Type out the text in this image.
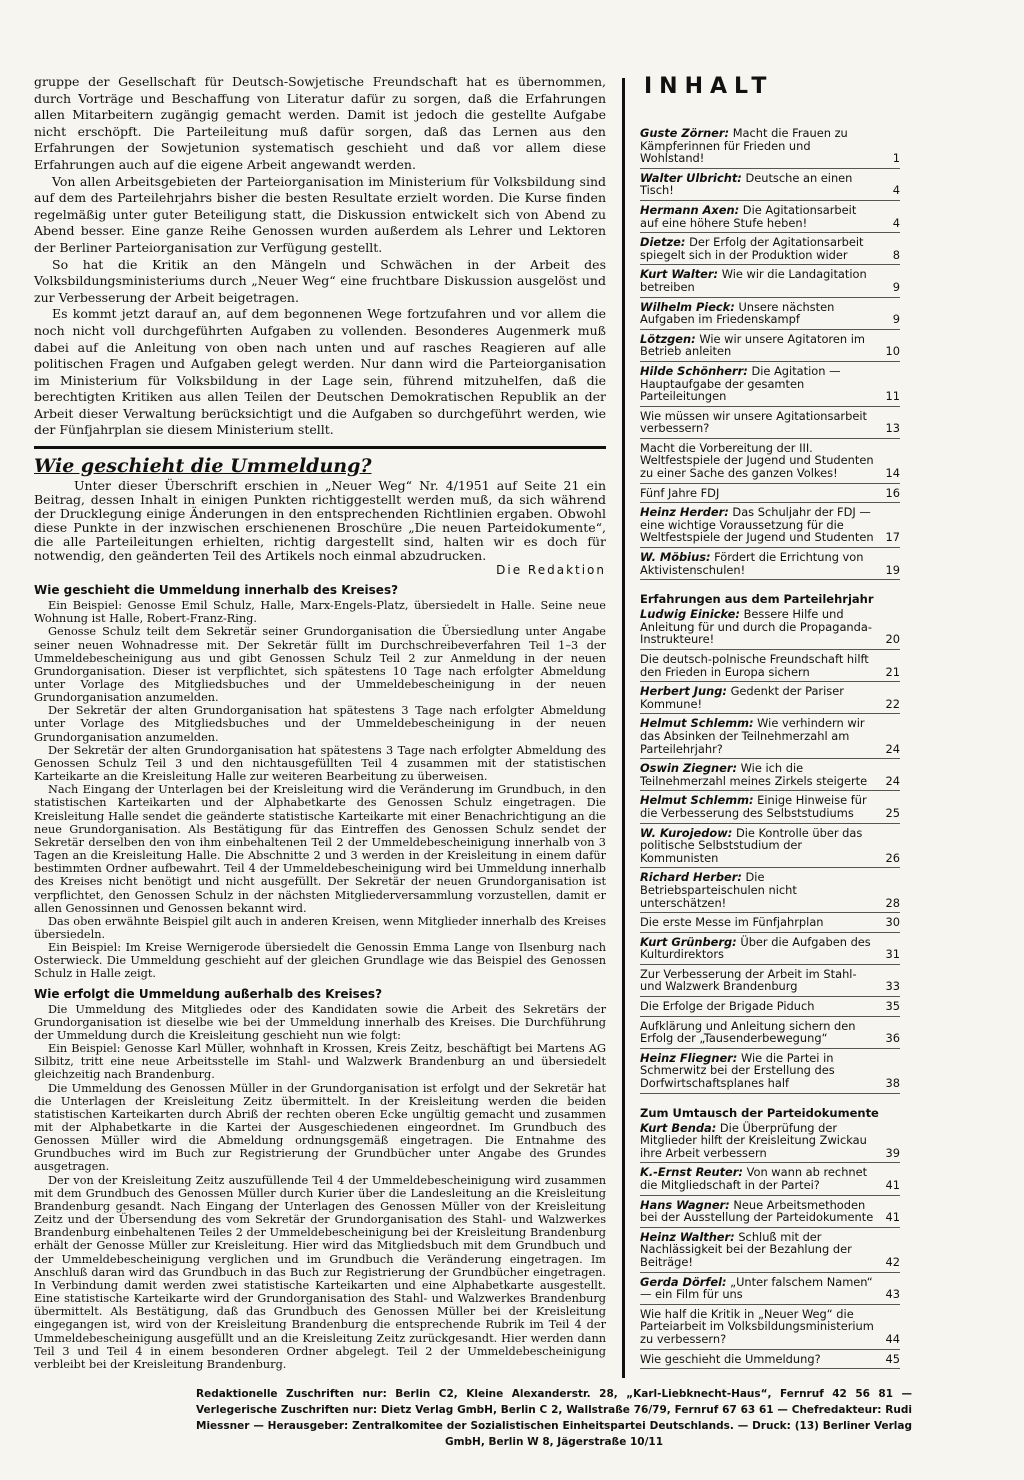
gruppe der Gesellschaft für Deutsch-Sowjetische Freundschaft hat es übernommen, durch Vorträge und Beschaffung von Literatur dafür zu sorgen, daß die Erfahrungen allen Mitarbeitern zugängig gemacht werden. Damit ist jedoch die gestellte Aufgabe nicht erschöpft. Die Parteileitung muß dafür sorgen, daß das Lernen aus den Erfahrungen der Sowjetunion systematisch geschieht und daß vor allem diese Erfahrungen auch auf die eigene Arbeit angewandt werden.

Von allen Arbeitsgebieten der Parteiorganisation im Ministerium für Volksbildung sind auf dem des Parteilehrjahrs bisher die besten Resultate erzielt worden. Die Kurse finden regelmäßig unter guter Beteiligung statt, die Diskussion entwickelt sich von Abend zu Abend besser. Eine ganze Reihe Genossen wurden außerdem als Lehrer und Lektoren der Berliner Parteiorganisation zur Verfügung gestellt.

So hat die Kritik an den Mängeln und Schwächen in der Arbeit des Volksbildungsministeriums durch „Neuer Weg“ eine fruchtbare Diskussion ausgelöst und zur Verbesserung der Arbeit beigetragen.

Es kommt jetzt darauf an, auf dem begonnenen Wege fortzufahren und vor allem die noch nicht voll durchgeführten Aufgaben zu vollenden. Besonderes Augenmerk muß dabei auf die Anleitung von oben nach unten und auf rasches Reagieren auf alle politischen Fragen und Aufgaben gelegt werden. Nur dann wird die Parteiorganisation im Ministerium für Volksbildung in der Lage sein, führend mitzuhelfen, daß die berechtigten Kritiken aus allen Teilen der Deutschen Demokratischen Republik an der Arbeit dieser Verwaltung berücksichtigt und die Aufgaben so durchgeführt werden, wie der Fünfjahrplan sie diesem Ministerium stellt.

Wie geschieht die Ummeldung?

Unter dieser Überschrift erschien in „Neuer Weg“ Nr. 4/1951 auf Seite 21 ein Beitrag, dessen Inhalt in einigen Punkten richtiggestellt werden muß, da sich während der Drucklegung einige Änderungen in den entsprechenden Richtlinien ergaben. Obwohl diese Punkte in der inzwischen erschienenen Broschüre „Die neuen Parteidokumente“, die alle Parteileitungen erhielten, richtig dargestellt sind, halten wir es doch für notwendig, den geänderten Teil des Artikels noch einmal abzudrucken.

Die Redaktion

Wie geschieht die Ummeldung innerhalb des Kreises?

Ein Beispiel: Genosse Emil Schulz, Halle, Marx-Engels-Platz, übersiedelt in Halle. Seine neue Wohnung ist Halle, Robert-Franz-Ring.

Genosse Schulz teilt dem Sekretär seiner Grundorganisation die Übersiedlung unter Angabe seiner neuen Wohnadresse mit. Der Sekretär füllt im Durchschreibeverfahren Teil 1–3 der Ummeldebescheinigung aus und gibt Genossen Schulz Teil 2 zur Anmeldung in der neuen Grundorganisation. Dieser ist verpflichtet, sich spätestens 10 Tage nach erfolgter Abmeldung unter Vorlage des Mitgliedsbuches und der Ummeldebescheinigung in der neuen Grundorganisation anzumelden.

Der Sekretär der alten Grundorganisation hat spätestens 3 Tage nach erfolgter Abmeldung unter Vorlage des Mitgliedsbuches und der Ummeldebescheinigung in der neuen Grundorganisation anzumelden.

Der Sekretär der alten Grundorganisation hat spätestens 3 Tage nach erfolgter Abmeldung des Genossen Schulz Teil 3 und den nichtausgefüllten Teil 4 zusammen mit der statistischen Karteikarte an die Kreisleitung Halle zur weiteren Bearbeitung zu überweisen.

Nach Eingang der Unterlagen bei der Kreisleitung wird die Veränderung im Grundbuch, in den statistischen Karteikarten und der Alphabetkarte des Genossen Schulz eingetragen. Die Kreisleitung Halle sendet die geänderte statistische Karteikarte mit einer Benachrichtigung an die neue Grundorganisation. Als Bestätigung für das Eintreffen des Genossen Schulz sendet der Sekretär derselben den von ihm einbehaltenen Teil 2 der Ummeldebescheinigung innerhalb von 3 Tagen an die Kreisleitung Halle. Die Abschnitte 2 und 3 werden in der Kreisleitung in einem dafür bestimmten Ordner aufbewahrt. Teil 4 der Ummeldebescheinigung wird bei Ummeldung innerhalb des Kreises nicht benötigt und nicht ausgefüllt. Der Sekretär der neuen Grundorganisation ist verpflichtet, den Genossen Schulz in der nächsten Mitgliederversammlung vorzustellen, damit er allen Genossinnen und Genossen bekannt wird.

Das oben erwähnte Beispiel gilt auch in anderen Kreisen, wenn Mitglieder innerhalb des Kreises übersiedeln.

Ein Beispiel: Im Kreise Wernigerode übersiedelt die Genossin Emma Lange von Ilsenburg nach Osterwieck. Die Ummeldung geschieht auf der gleichen Grundlage wie das Beispiel des Genossen Schulz in Halle zeigt.

Wie erfolgt die Ummeldung außerhalb des Kreises?

Die Ummeldung des Mitgliedes oder des Kandidaten sowie die Arbeit des Sekretärs der Grundorganisation ist dieselbe wie bei der Ummeldung innerhalb des Kreises. Die Durchführung der Ummeldung durch die Kreisleitung geschieht nun wie folgt:

Ein Beispiel: Genosse Karl Müller, wohnhaft in Krossen, Kreis Zeitz, beschäftigt bei Martens AG Silbitz, tritt eine neue Arbeitsstelle im Stahl- und Walzwerk Brandenburg an und übersiedelt gleichzeitig nach Brandenburg.

Die Ummeldung des Genossen Müller in der Grundorganisation ist erfolgt und der Sekretär hat die Unterlagen der Kreisleitung Zeitz übermittelt. In der Kreisleitung werden die beiden statistischen Karteikarten durch Abriß der rechten oberen Ecke ungültig gemacht und zusammen mit der Alphabetkarte in die Kartei der Ausgeschiedenen eingeordnet. Im Grundbuch des Genossen Müller wird die Abmeldung ordnungsgemäß eingetragen. Die Entnahme des Grundbuches wird im Buch zur Registrierung der Grundbücher unter Angabe des Grundes ausgetragen.

Der von der Kreisleitung Zeitz auszufüllende Teil 4 der Ummeldebescheinigung wird zusammen mit dem Grundbuch des Genossen Müller durch Kurier über die Landesleitung an die Kreisleitung Brandenburg gesandt. Nach Eingang der Unterlagen des Genossen Müller von der Kreisleitung Zeitz und der Übersendung des vom Sekretär der Grundorganisation des Stahl- und Walzwerkes Brandenburg einbehaltenen Teiles 2 der Ummeldebescheinigung bei der Kreisleitung Brandenburg erhält der Genosse Müller zur Kreisleitung. Hier wird das Mitgliedsbuch mit dem Grundbuch und der Ummeldebescheinigung verglichen und im Grundbuch die Veränderung eingetragen. Im Anschluß daran wird das Grundbuch in das Buch zur Registrierung der Grundbücher eingetragen. In Verbindung damit werden zwei statistische Karteikarten und eine Alphabetkarte ausgestellt. Eine statistische Karteikarte wird der Grundorganisation des Stahl- und Walzwerkes Brandenburg übermittelt. Als Bestätigung, daß das Grundbuch des Genossen Müller bei der Kreisleitung eingegangen ist, wird von der Kreisleitung Brandenburg die entsprechende Rubrik im Teil 4 der Ummeldebescheinigung ausgefüllt und an die Kreisleitung Zeitz zurückgesandt. Hier werden dann Teil 3 und Teil 4 in einem besonderen Ordner abgelegt. Teil 2 der Ummeldebescheinigung verbleibt bei der Kreisleitung Brandenburg.

INHALT
Guste Zörner: Macht die Frauen zu Kämpferinnen für Frieden und Wohlstand!	1
Walter Ulbricht: Deutsche an einen Tisch!	4
Hermann Axen: Die Agitationsarbeit auf eine höhere Stufe heben!	4
Dietze: Der Erfolg der Agitationsarbeit spiegelt sich in der Produktion wider	8
Kurt Walter: Wie wir die Landagitation betreiben	9
Wilhelm Pieck: Unsere nächsten Aufgaben im Friedenskampf	9
Lötzgen: Wie wir unsere Agitatoren im Betrieb anleiten	10
Hilde Schönherr: Die Agitation — Hauptaufgabe der gesamten Parteileitungen	11
Wie müssen wir unsere Agitationsarbeit verbessern?	13
Macht die Vorbereitung der III. Weltfestspiele der Jugend und Studenten zu einer Sache des ganzen Volkes!	14
Fünf Jahre FDJ	16
Heinz Herder: Das Schuljahr der FDJ — eine wichtige Voraussetzung für die Weltfestspiele der Jugend und Studenten 17
W. Möbius: Fördert die Errichtung von Aktivistenschulen!	19
Erfahrungen aus dem Parteilehrjahr
Ludwig Einicke: Bessere Hilfe und Anleitung für und durch die Propaganda-Instrukteure!	20
Die deutsch-polnische Freundschaft hilft den Frieden in Europa sichern	21
Herbert Jung: Gedenkt der Pariser Kommune!	22
Helmut Schlemm: Wie verhindern wir das Absinken der Teilnehmerzahl am Parteilehrjahr?	24
Oswin Ziegner: Wie ich die Teilnehmerzahl meines Zirkels steigerte 24
Helmut Schlemm: Einige Hinweise für die Verbesserung des Selbststudiums	25
W. Kurojedow: Die Kontrolle über das politische Selbststudium der Kommunisten	26
Richard Herber: Die Betriebsparteischulen nicht unterschätzen!	28
Die erste Messe im Fünfjahrplan	30
Kurt Grünberg: Über die Aufgaben des Kulturdirektors	31
Zur Verbesserung der Arbeit im Stahl- und Walzwerk Brandenburg	33
Die Erfolge der Brigade Piduch	35
Aufklärung und Anleitung sichern den Erfolg der „Tausenderbewegung“	36
Heinz Fliegner: Wie die Partei in Schmerwitz bei der Erstellung des Dorfwirtschaftsplanes half	38
Zum Umtausch der Parteidokumente
Kurt Benda: Die Überprüfung der Mitglieder hilft der Kreisleitung Zwickau ihre Arbeit verbessern	39
K.-Ernst Reuter: Von wann ab rechnet die Mitgliedschaft in der Partei?	41
Hans Wagner: Neue Arbeitsmethoden bei der Ausstellung der Parteidokumente 41
Heinz Walther: Schluß mit der Nachlässigkeit bei der Bezahlung der Beiträge!	42
Gerda Dörfel: „Unter falschem Namen“ — ein Film für uns	43
Wie half die Kritik in „Neuer Weg“ die Parteiarbeit im Volksbildungsministerium zu verbessern?	44
Wie geschieht die Ummeldung?	45

Redaktionelle Zuschriften nur: Berlin C2, Kleine Alexanderstr. 28, „Karl-Liebknecht-Haus“, Fernruf 42 56 81 — Verlegerische Zuschriften nur: Dietz Verlag GmbH, Berlin C 2, Wallstraße 76/79, Fernruf 67 63 61 — Chefredakteur: Rudi Miessner — Herausgeber: Zentralkomitee der Sozialistischen Einheitspartei Deutschlands. — Druck: (13) Berliner Verlag GmbH, Berlin W 8, Jägerstraße 10/11
